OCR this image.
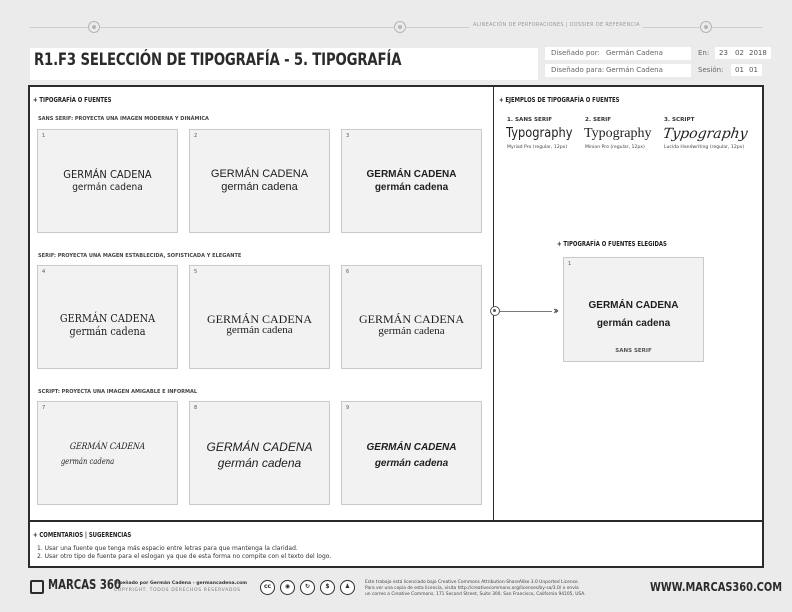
ALINEACIÓN DE PERFORACIONES | DOSSIER DE REFERENCIA
R1.F3 SELECCIÓN DE TIPOGRAFÍA - 5. TIPOGRAFÍA	Diseñado por: Germán Cadena
Diseñado para: Germán Cadena
En:	23	02 2018
Sesión:	01 01
+ TIPOGRAFÍA O FUENTES
SANS SERIF: PROYECTA UNA IMAGEN MODERNA Y DINÁMICA
SERIF: PROYECTA UNA MAGEN ESTABLECIDA, SOFISTICADA Y ELEGANTE
SCRIPT: PROYECTA UNA IMAGEN AMIGABLE E INFORMAL
1
GERMÁN CADENA
germán cadena
2
GERMÁN CADENA
germán cadena
3
GERMÁN CADENA
germán cadena
4
GERMÁN CADENA
germán cadena
5
GERMÁN CADENA
germán cadena
6
GERMÁN CADENA
germán cadena
7
GERMÁN CADENA
germán cadena
8
GERMÁN CADENA
germán cadena
9
GERMÁN CADENA
germán cadena
+ EJEMPLOS DE TIPOGRAFÍA O FUENTES
1. SANS SERIF
Typography
Myriad Pro (regular, 12px)
2. SERIF
Typography
Minion Pro (regular, 12px)
3. SCRIPT
Typography
Lucida Handwriting (regular, 12px)
+ TIPOGRAFÍA O FUENTES ELEGIDAS
1
GERMÁN CADENA
germán cadena
SANS SERIF
››
+ COMENTARIOS | SUGERENCIAS
1. Usar una fuente que tenga más espacio entre letras para que mantenga la claridad.
2. Usar otro tipo de fuente para el eslogan ya que de esta forma no compite con el texto del logo.
MARCAS 360
Diseñado por Germán Cadena - germancadena.com
COPYRIGHT. TODOS DERECHOS RESERVADOS
cc	◉	↻	$	♟
Este trabajo está licenciado bajo Creative Commons Attribution-ShareAlike 3.0 Unported License.
Para ver una copia de esta licencia, visita http://creativecommons.org/licenses/by-sa/3.0/ o envía
un correo a Creative Commons, 171 Second Street, Suite 300, San Francisco, California 94105, USA.
WWW.MARCAS360.COM
